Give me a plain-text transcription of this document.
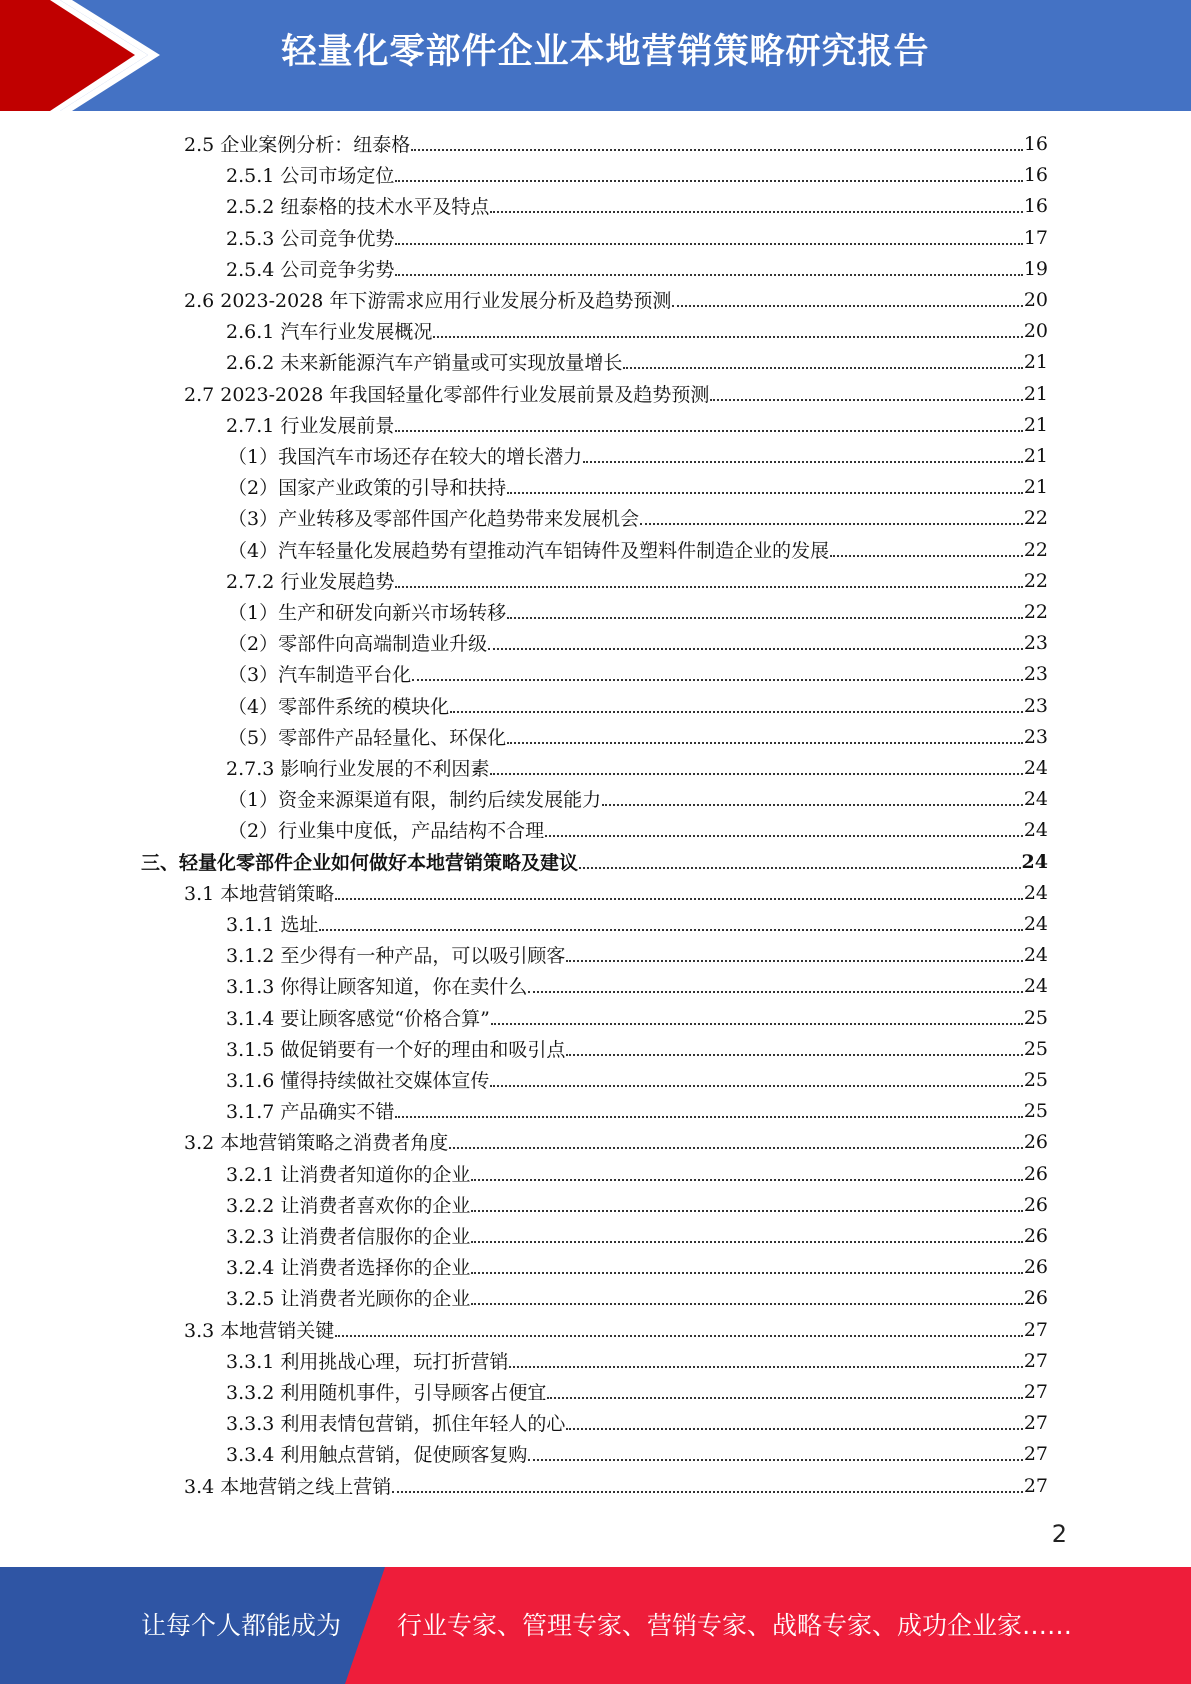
轻量化零部件企业本地营销策略研究报告
2.5 企业案例分析：纽泰格	16
2.5.1 公司市场定位	16
2.5.2 纽泰格的技术水平及特点	16
2.5.3 公司竞争优势	17
2.5.4 公司竞争劣势	19
2.6 2023-2028 年下游需求应用行业发展分析及趋势预测	20
2.6.1 汽车行业发展概况	20
2.6.2 未来新能源汽车产销量或可实现放量增长	21
2.7 2023-2028 年我国轻量化零部件行业发展前景及趋势预测	21
2.7.1 行业发展前景	21
（1）我国汽车市场还存在较大的增长潜力	21
（2）国家产业政策的引导和扶持	21
（3）产业转移及零部件国产化趋势带来发展机会	22
（4）汽车轻量化发展趋势有望推动汽车铝铸件及塑料件制造企业的发展	22
2.7.2 行业发展趋势	22
（1）生产和研发向新兴市场转移	22
（2）零部件向高端制造业升级	23
（3）汽车制造平台化	23
（4）零部件系统的模块化	23
（5）零部件产品轻量化、环保化	23
2.7.3 影响行业发展的不利因素	24
（1）资金来源渠道有限，制约后续发展能力	24
（2）行业集中度低，产品结构不合理	24
三、轻量化零部件企业如何做好本地营销策略及建议	24
3.1 本地营销策略	24
3.1.1 选址	24
3.1.2 至少得有一种产品，可以吸引顾客	24
3.1.3 你得让顾客知道，你在卖什么	24
3.1.4 要让顾客感觉“价格合算”	25
3.1.5 做促销要有一个好的理由和吸引点	25
3.1.6 懂得持续做社交媒体宣传	25
3.1.7 产品确实不错	25
3.2 本地营销策略之消费者角度	26
3.2.1 让消费者知道你的企业	26
3.2.2 让消费者喜欢你的企业	26
3.2.3 让消费者信服你的企业	26
3.2.4 让消费者选择你的企业	26
3.2.5 让消费者光顾你的企业	26
3.3 本地营销关键	27
3.3.1 利用挑战心理，玩打折营销	27
3.3.2 利用随机事件，引导顾客占便宜	27
3.3.3 利用表情包营销，抓住年轻人的心	27
3.3.4 利用触点营销，促使顾客复购	27
3.4 本地营销之线上营销	27
2
让每个人都能成为 行业专家、管理专家、营销专家、战略专家、成功企业家……
